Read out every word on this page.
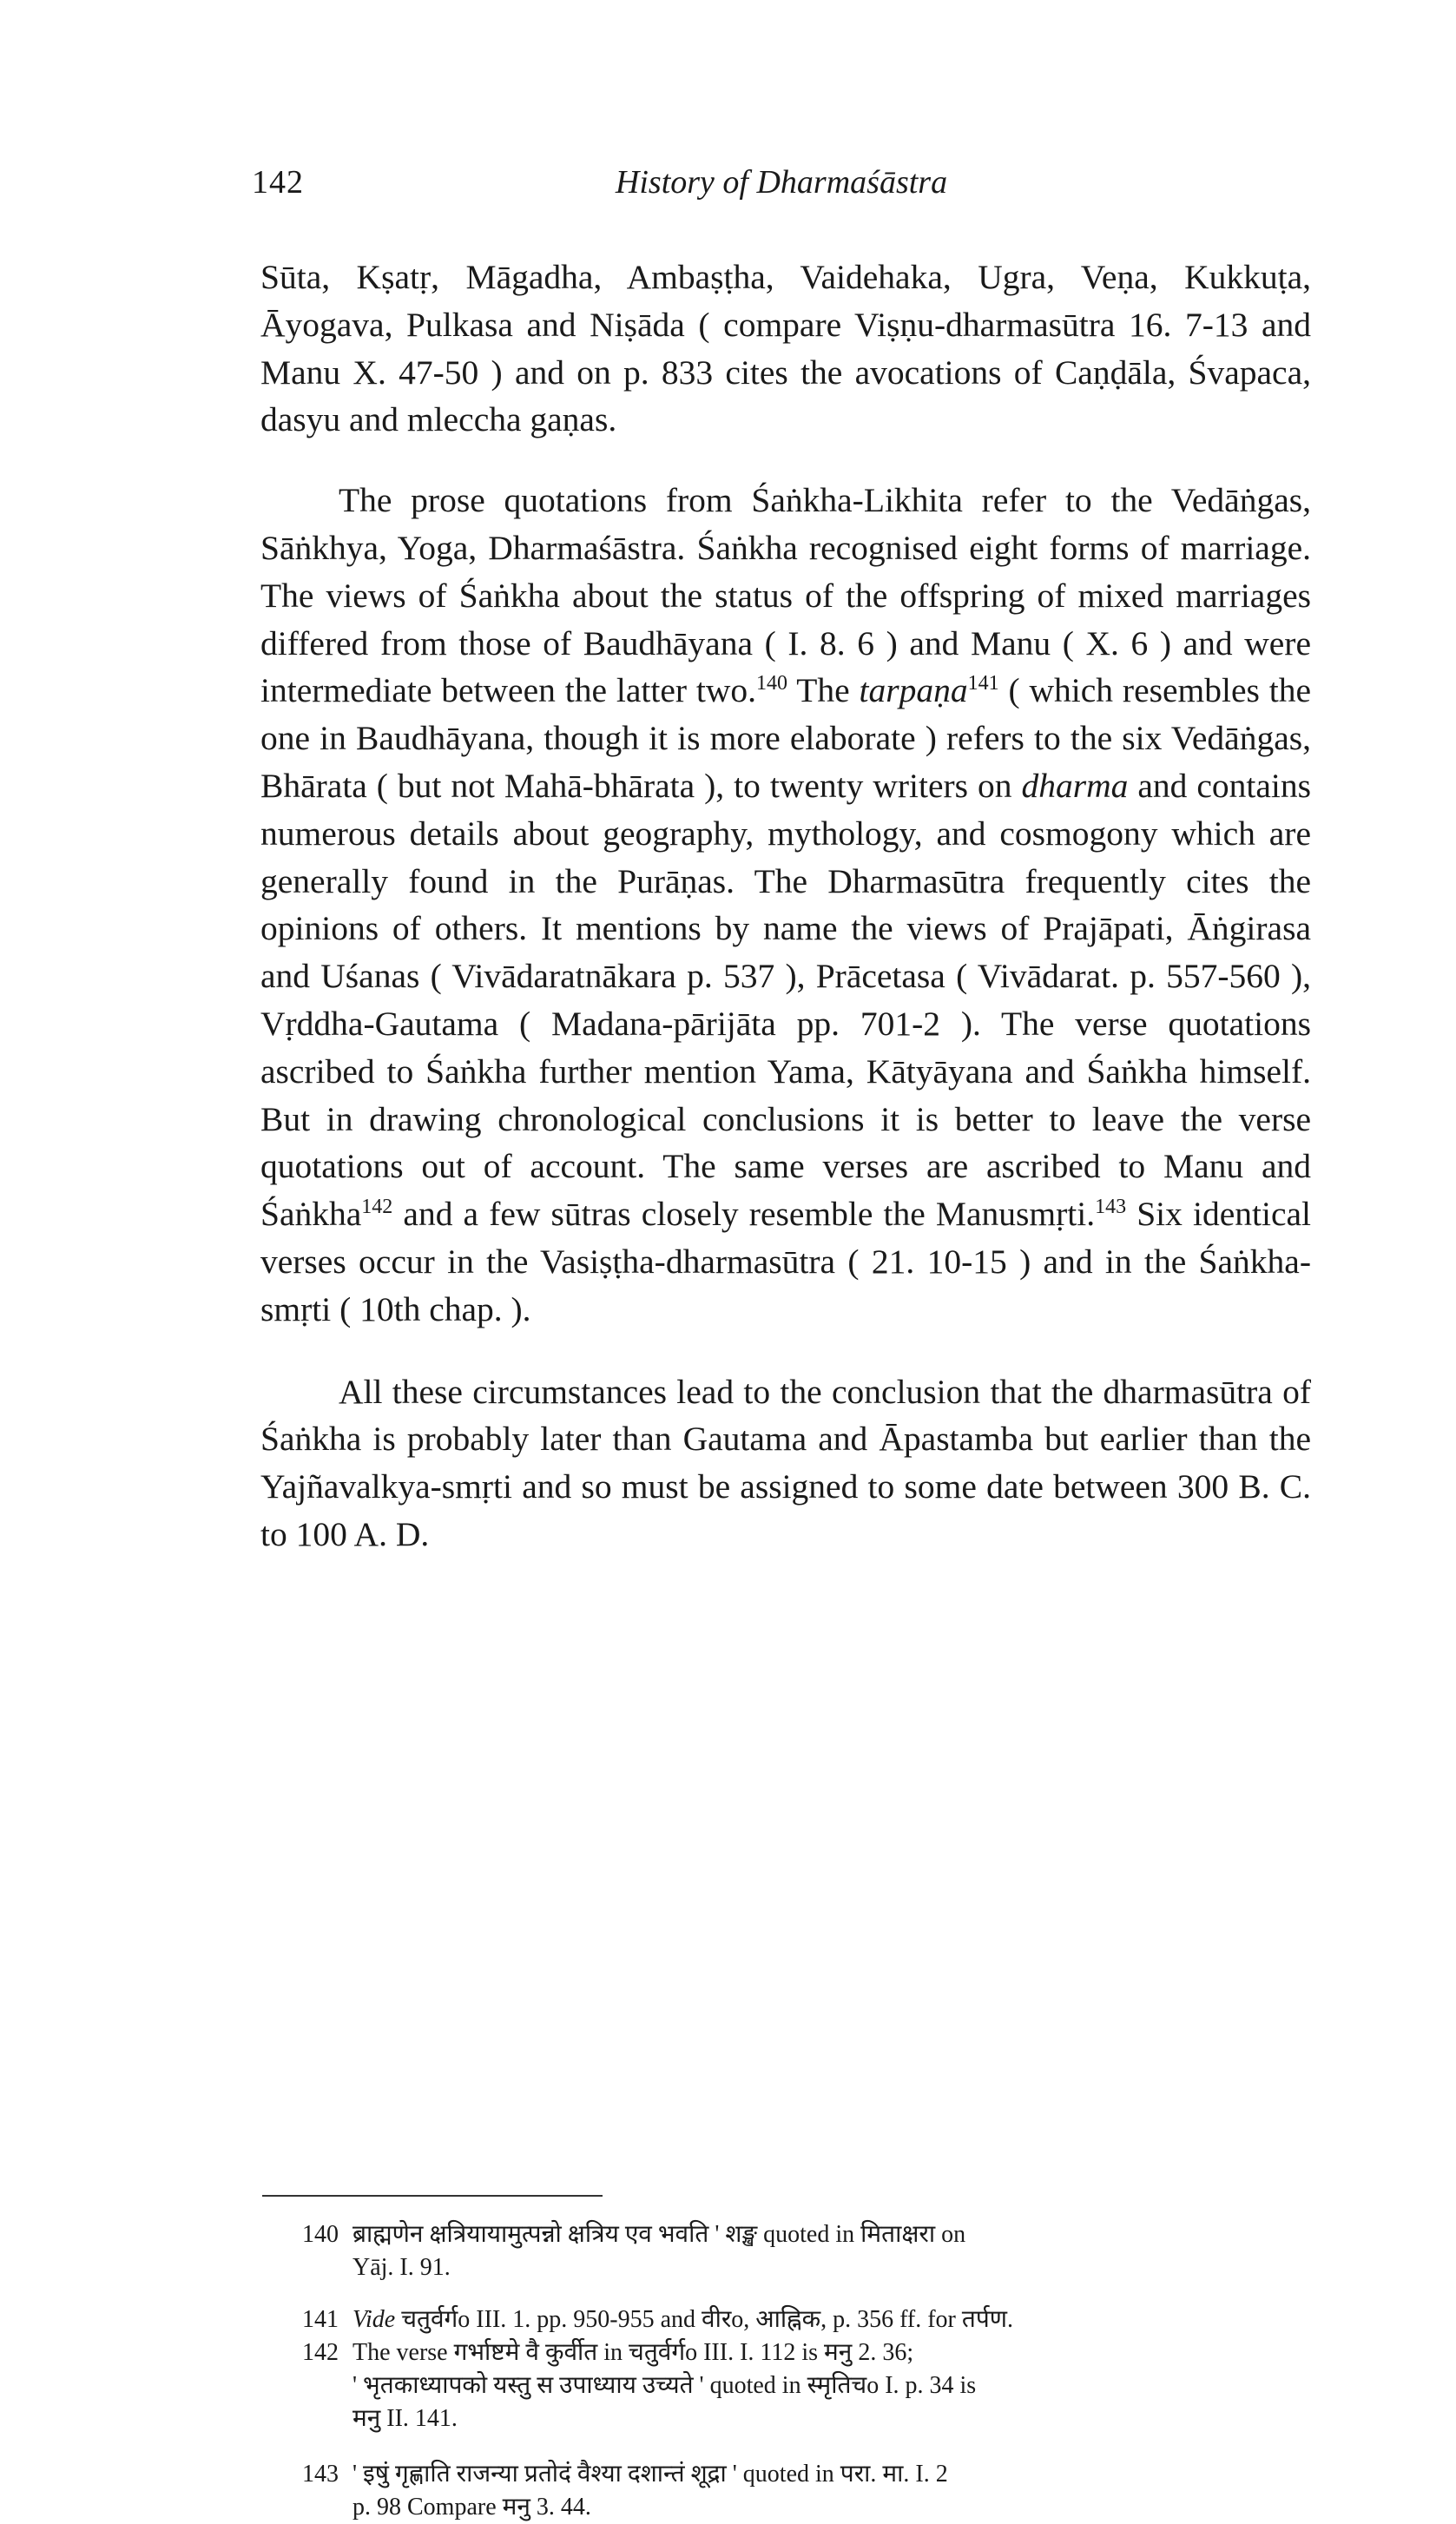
142	History of Dharmaśāstra

Sūta, Kṣatṛ, Māgadha, Ambaṣṭha, Vaidehaka, Ugra, Veṇa, Kukkuṭa, Āyogava, Pulkasa and Niṣāda ( compare Viṣṇu-dharmasūtra 16. 7-13 and Manu X. 47-50 ) and on p. 833 cites the avocations of Caṇḍāla, Śvapaca, dasyu and mleccha gaṇas.

The prose quotations from Śaṅkha-Likhita refer to the Vedāṅgas, Sāṅkhya, Yoga, Dharmaśāstra. Śaṅkha recognised eight forms of marriage. The views of Śaṅkha about the status of the offspring of mixed marriages differed from those of Baudhāyana ( I. 8. 6 ) and Manu ( X. 6 ) and were intermediate between the latter two.$^{140}$ The tarpaṇa$^{141}$ ( which resembles the one in Baudhāyana, though it is more elaborate ) refers to the six Vedāṅgas, Bhārata ( but not Mahā-bhārata ), to twenty writers on dharma and contains numerous details about geography, mythology, and cosmogony which are generally found in the Purāṇas. The Dharmasūtra frequently cites the opinions of others. It mentions by name the views of Prajāpati, Āṅgirasa and Uśanas ( Vivādaratnākara p. 537 ), Prācetasa ( Vivādarat. p. 557-560 ), Vṛddha-Gautama ( Madana-pārijāta pp. 701-2 ). The verse quotations ascribed to Śaṅkha further mention Yama, Kātyāyana and Śaṅkha himself. But in drawing chronological conclusions it is better to leave the verse quotations out of account. The same verses are ascribed to Manu and Śaṅkha$^{142}$ and a few sūtras closely resemble the Manusmṛti.$^{143}$ Six identical verses occur in the Vasiṣṭha-dharmasūtra ( 21. 10-15 ) and in the Śaṅkha-smṛti ( 10th chap. ).

All these circumstances lead to the conclusion that the dharmasūtra of Śaṅkha is probably later than Gautama and Āpastamba but earlier than the Yajñavalkya-smṛti and so must be assigned to some date between 300 B. C. to 100 A. D.

140 ब्राह्मणेन क्षत्रियायामुत्पन्नो क्षत्रिय एव भवति ' शङ्ख quoted in मिताक्षरा on
Yāj. I. 91.
141 Vide चतुर्वर्गo III. 1. pp. 950-955 and वीरo, आह्निक, p. 356 ff. for तर्पण.
142 The verse गर्भाष्टमे वै कुर्वीत in चतुर्वर्गo III. I. 112 is मनु 2. 36;
' भृतकाध्यापको यस्तु स उपाध्याय उच्यते ' quoted in स्मृतिचo I. p. 34 is
मनु II. 141.
143 ' इषुं गृह्णाति राजन्या प्रतोदं वैश्या दशान्तं शूद्रा ' quoted in परा. मा. I. 2
p. 98 Compare मनु 3. 44.
